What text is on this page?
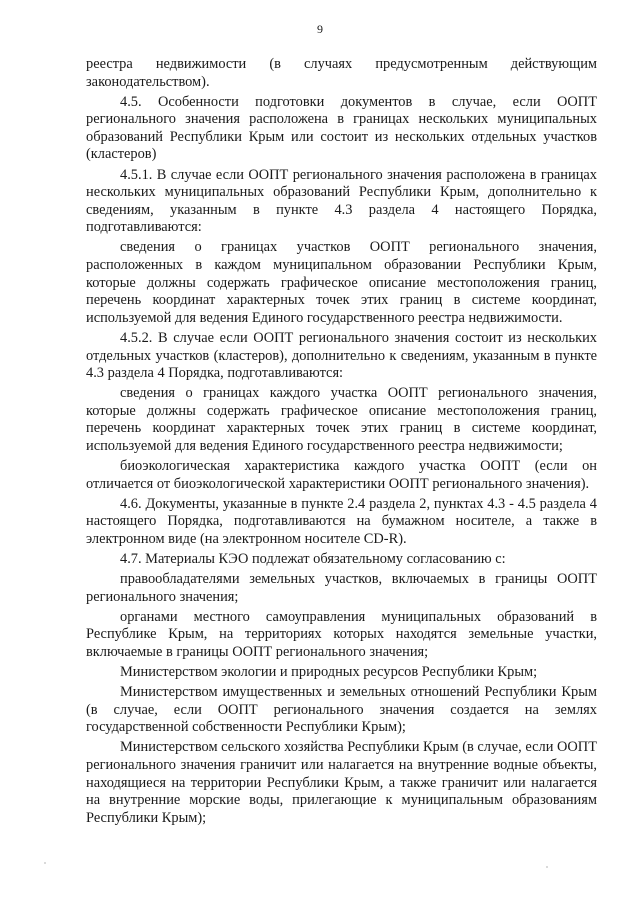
9

реестра недвижимости (в случаях предусмотренным действующим законодательством).

4.5. Особенности подготовки документов в случае, если ООПТ регионального значения расположена в границах нескольких муниципальных образований Республики Крым или состоит из нескольких отдельных участков (кластеров)

4.5.1. В случае если ООПТ регионального значения расположена в границах нескольких муниципальных образований Республики Крым, дополнительно к сведениям, указанным в пункте 4.3 раздела 4 настоящего Порядка, подготавливаются:

сведения о границах участков ООПТ регионального значения, расположенных в каждом муниципальном образовании Республики Крым, которые должны содержать графическое описание местоположения границ, перечень координат характерных точек этих границ в системе координат, используемой для ведения Единого государственного реестра недвижимости.

4.5.2. В случае если ООПТ регионального значения состоит из нескольких отдельных участков (кластеров), дополнительно к сведениям, указанным в пункте 4.3 раздела 4 Порядка, подготавливаются:

сведения о границах каждого участка ООПТ регионального значения, которые должны содержать графическое описание местоположения границ, перечень координат характерных точек этих границ в системе координат, используемой для ведения Единого государственного реестра недвижимости;

биоэкологическая характеристика каждого участка ООПТ (если он отличается от биоэкологической характеристики ООПТ регионального значения).

4.6. Документы, указанные в пункте 2.4 раздела 2, пунктах 4.3 - 4.5 раздела 4 настоящего Порядка, подготавливаются на бумажном носителе, а также в электронном виде (на электронном носителе CD-R).

4.7. Материалы КЭО подлежат обязательному согласованию с:

правообладателями земельных участков, включаемых в границы ООПТ регионального значения;

органами местного самоуправления муниципальных образований в Республике Крым, на территориях которых находятся земельные участки, включаемые в границы ООПТ регионального значения;

Министерством экологии и природных ресурсов Республики Крым;

Министерством имущественных и земельных отношений Республики Крым (в случае, если ООПТ регионального значения создается на землях государственной собственности Республики Крым);

Министерством сельского хозяйства Республики Крым (в случае, если ООПТ регионального значения граничит или налагается на внутренние водные объекты, находящиеся на территории Республики Крым, а также граничит или налагается на внутренние морские воды, прилегающие к муниципальным образованиям Республики Крым);
